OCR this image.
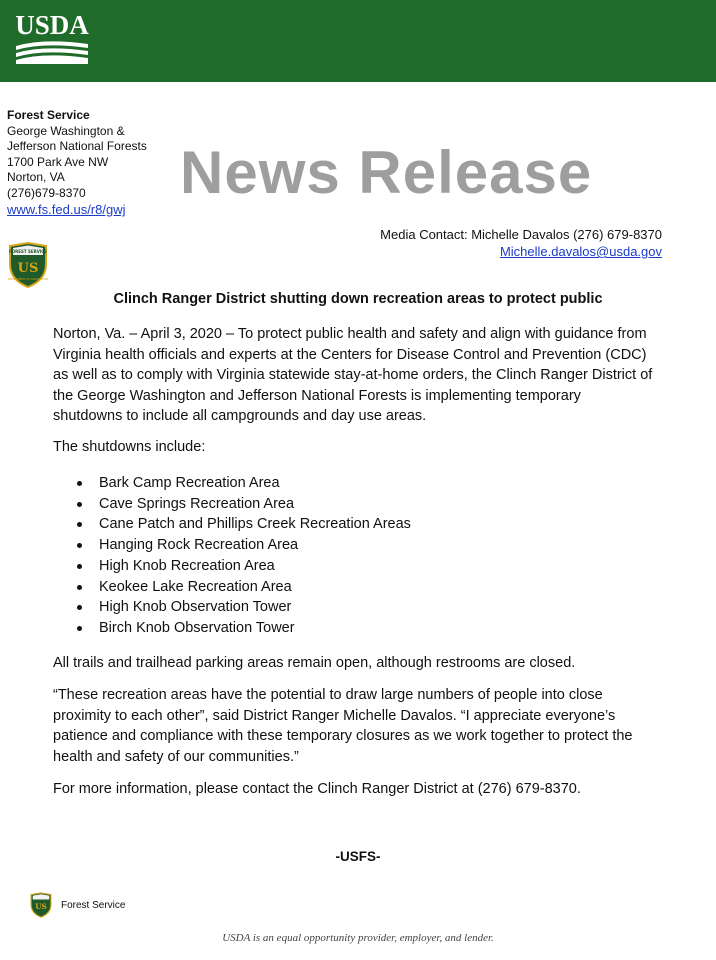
USDA
Forest Service
George Washington &
Jefferson National Forests
1700 Park Ave NW
Norton, VA
(276)679-8370
www.fs.fed.us/r8/gwj
News Release
Media Contact: Michelle Davalos (276) 679-8370
Michelle.davalos@usda.gov
FOREST SERVICE
US
DEPARTMENT OF AGRICULTURE
Clinch Ranger District shutting down recreation areas to protect public

Norton, Va. – April 3, 2020 – To protect public health and safety and align with guidance from Virginia health officials and experts at the Centers for Disease Control and Prevention (CDC) as well as to comply with Virginia statewide stay-at-home orders, the Clinch Ranger District of the George Washington and Jefferson National Forests is implementing temporary shutdowns to include all campgrounds and day use areas.

The shutdowns include:

Bark Camp Recreation Area
Cave Springs Recreation Area
Cane Patch and Phillips Creek Recreation Areas
Hanging Rock Recreation Area
High Knob Recreation Area
Keokee Lake Recreation Area
High Knob Observation Tower
Birch Knob Observation Tower

All trails and trailhead parking areas remain open, although restrooms are closed.

“These recreation areas have the potential to draw large numbers of people into close proximity to each other”, said District Ranger Michelle Davalos. “I appreciate everyone’s patience and compliance with these temporary closures as we work together to protect the health and safety of our communities.”

For more information, please contact the Clinch Ranger District at (276) 679-8370.

-USFS-
US Forest Service
USDA is an equal opportunity provider, employer, and lender.
